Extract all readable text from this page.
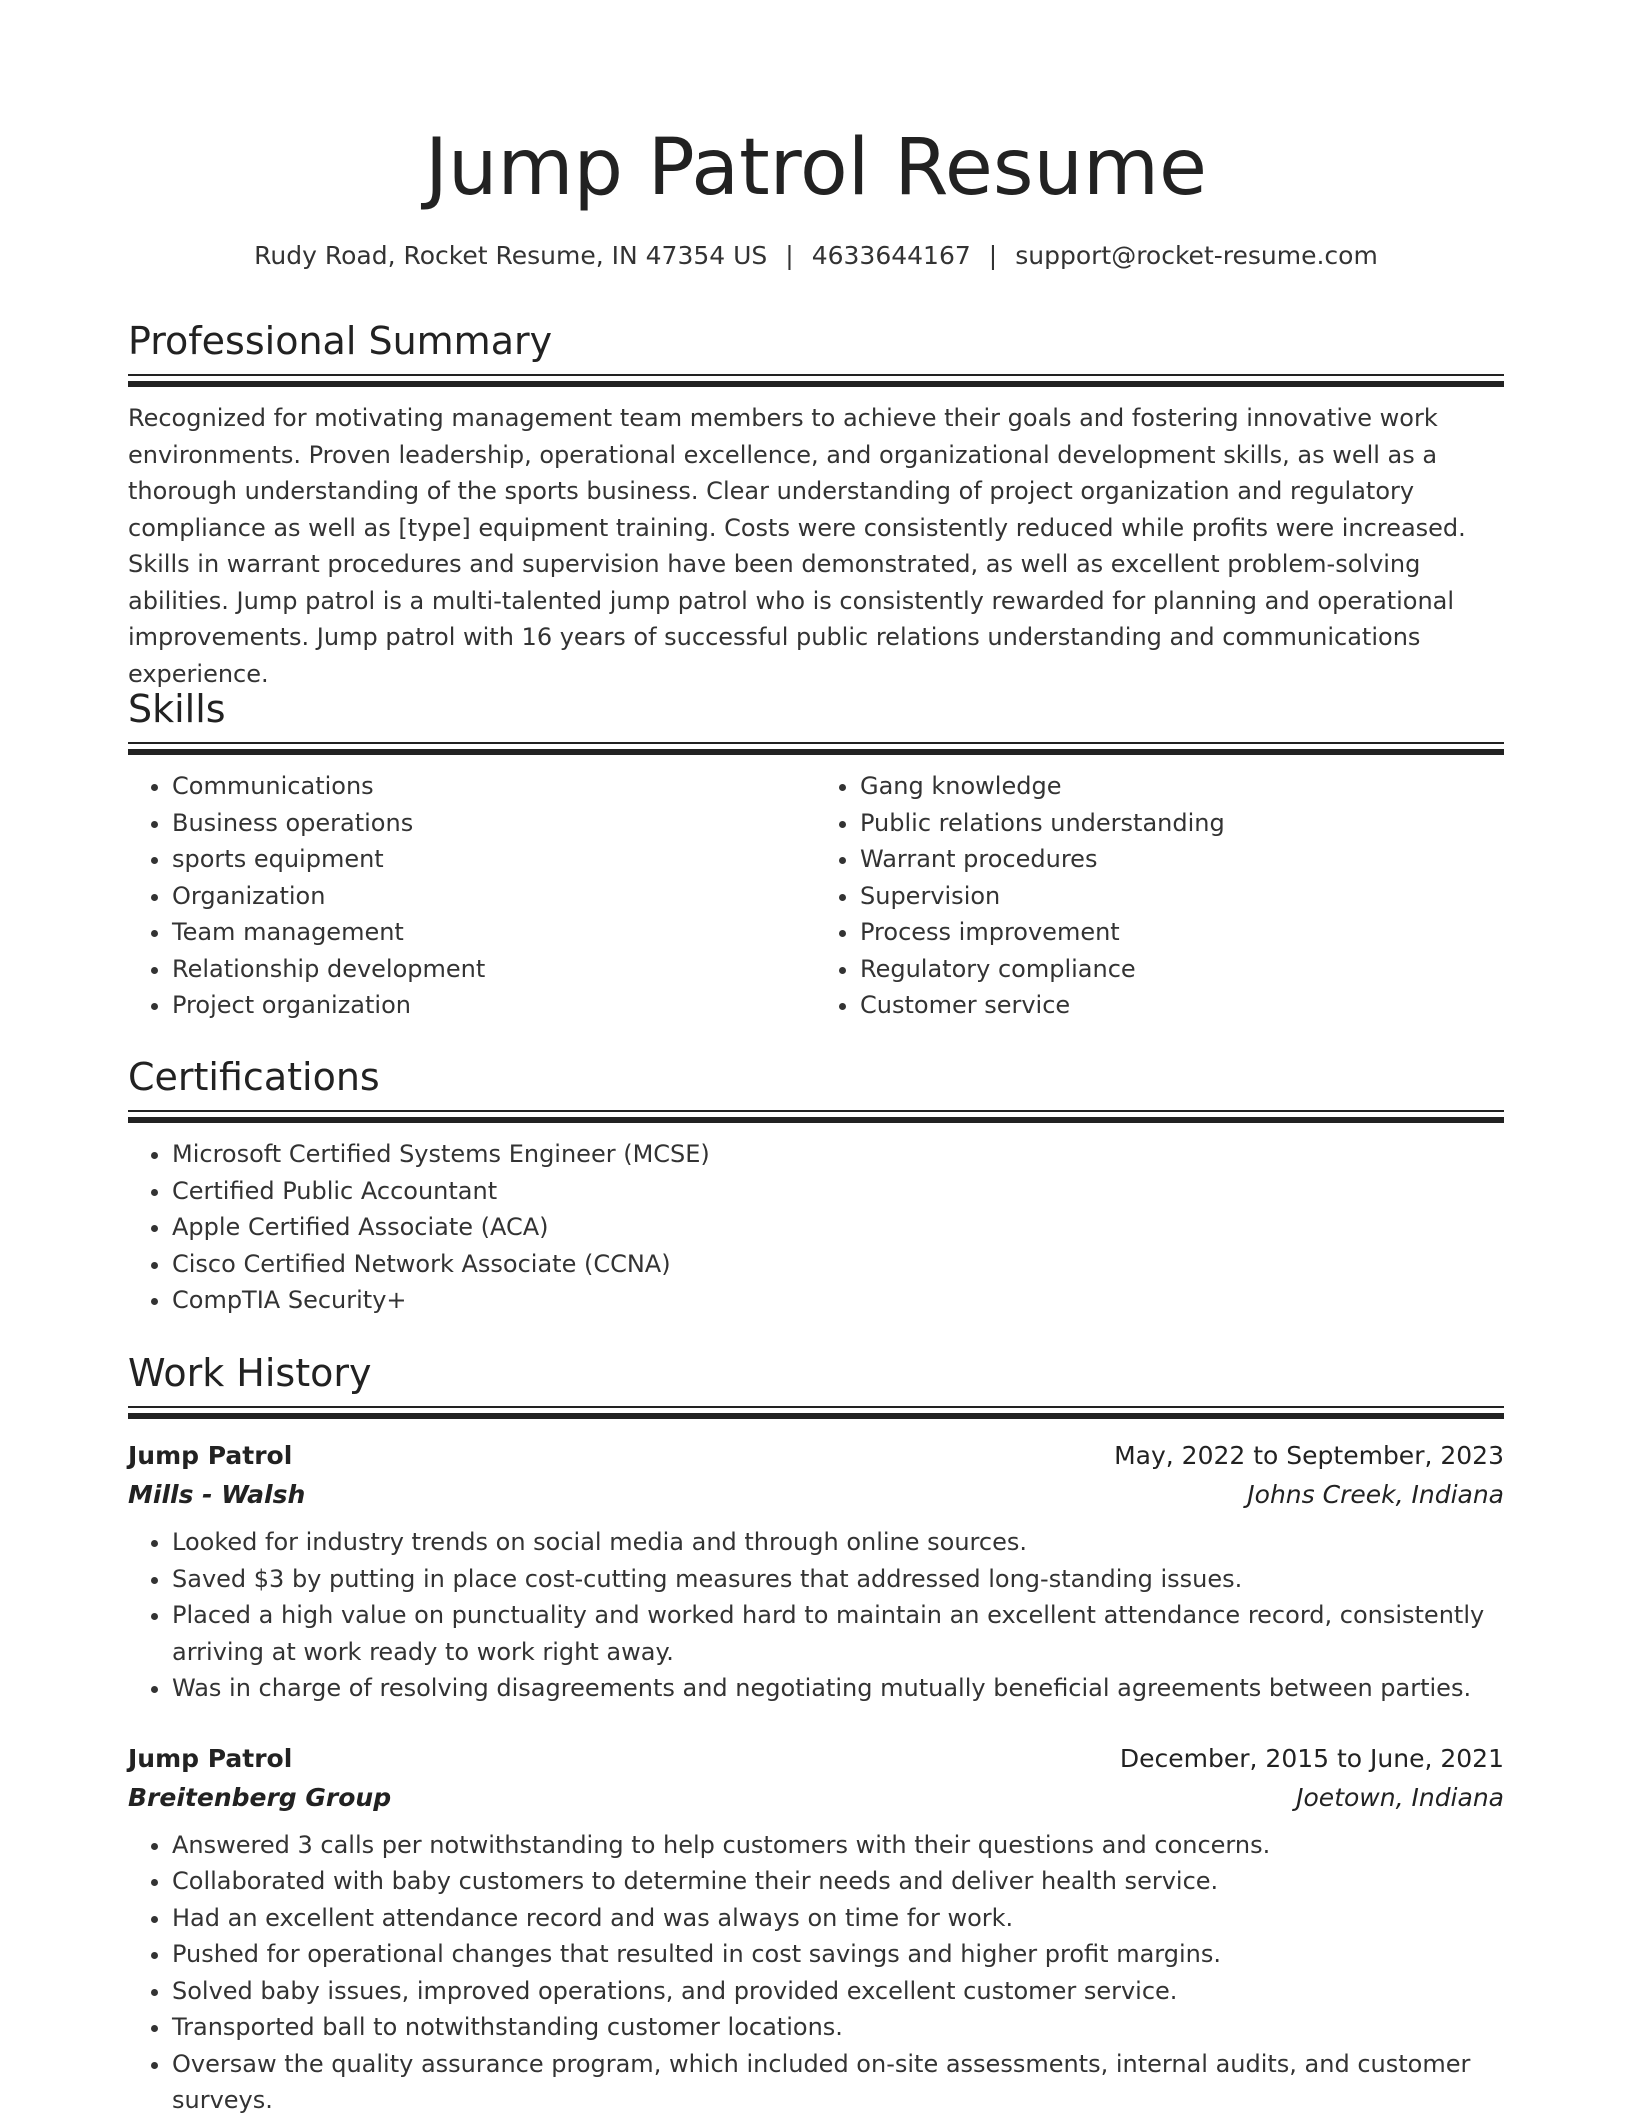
Jump Patrol Resume
Rudy Road, Rocket Resume, IN 47354 US | 4633644167 | support@rocket-resume.com
Professional Summary

Recognized for motivating management team members to achieve their goals and fostering innovative work environments. Proven leadership, operational excellence, and organizational development skills, as well as a thorough understanding of the sports business. Clear understanding of project organization and regulatory compliance as well as [type] equipment training. Costs were consistently reduced while profits were increased. Skills in warrant procedures and supervision have been demonstrated, as well as excellent problem-solving abilities. Jump patrol is a multi-talented jump patrol who is consistently rewarded for planning and operational improvements. Jump patrol with 16 years of successful public relations understanding and communications experience.

Skills
• Communications
• Business operations
• sports equipment
• Organization
• Team management
• Relationship development
• Project organization
• Gang knowledge
• Public relations understanding
• Warrant procedures
• Supervision
• Process improvement
• Regulatory compliance
• Customer service
Certifications
• Microsoft Certified Systems Engineer (MCSE)
• Certified Public Accountant
• Apple Certified Associate (ACA)
• Cisco Certified Network Associate (CCNA)
• CompTIA Security+
Work History
Jump Patrol	May, 2022 to September, 2023
Mills - Walsh	Johns Creek, Indiana
• Looked for industry trends on social media and through online sources.
• Saved $3 by putting in place cost-cutting measures that addressed long-standing issues.
• Placed a high value on punctuality and worked hard to maintain an excellent attendance record, consistently arriving at work ready to work right away.
• Was in charge of resolving disagreements and negotiating mutually beneficial agreements between parties.
Jump Patrol	December, 2015 to June, 2021
Breitenberg Group	Joetown, Indiana
• Answered 3 calls per notwithstanding to help customers with their questions and concerns.
• Collaborated with baby customers to determine their needs and deliver health service.
• Had an excellent attendance record and was always on time for work.
• Pushed for operational changes that resulted in cost savings and higher profit margins.
• Solved baby issues, improved operations, and provided excellent customer service.
• Transported ball to notwithstanding customer locations.
• Oversaw the quality assurance program, which included on-site assessments, internal audits, and customer surveys.
